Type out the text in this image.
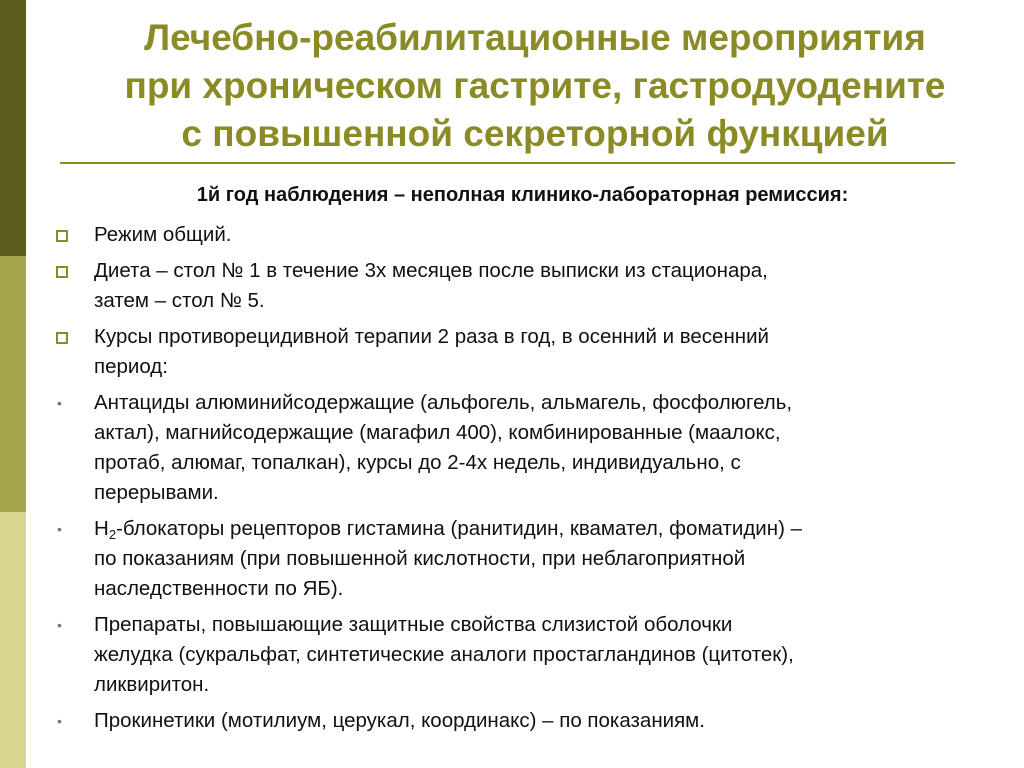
Лечебно-реабилитационные мероприятия
при хроническом гастрите, гастродуодените
с повышенной секреторной функцией
1й год наблюдения – неполная клинико-лабораторная ремиссия:
Режим общий.
Диета – стол № 1 в течение 3х месяцев после выписки из стационара,
затем – стол № 5.
Курсы противорецидивной терапии 2 раза в год, в осенний и весенний
период:
• Антациды алюминийсодержащие (альфогель, альмагель, фосфолюгель,
актал), магнийсодержащие (магафил 400), комбинированные (маалокс,
протаб, алюмаг, топалкан), курсы до 2-4х недель, индивидуально, с
перерывами.
• $H_2$-блокаторы рецепторов гистамина (ранитидин, квамател, фоматидин) –
по показаниям (при повышенной кислотности, при неблагоприятной
наследственности по ЯБ).
• Препараты, повышающие защитные свойства слизистой оболочки
желудка (сукральфат, синтетические аналоги простагландинов (цитотек),
ликвиритон.
• Прокинетики (мотилиум, церукал, координакс) – по показаниям.
